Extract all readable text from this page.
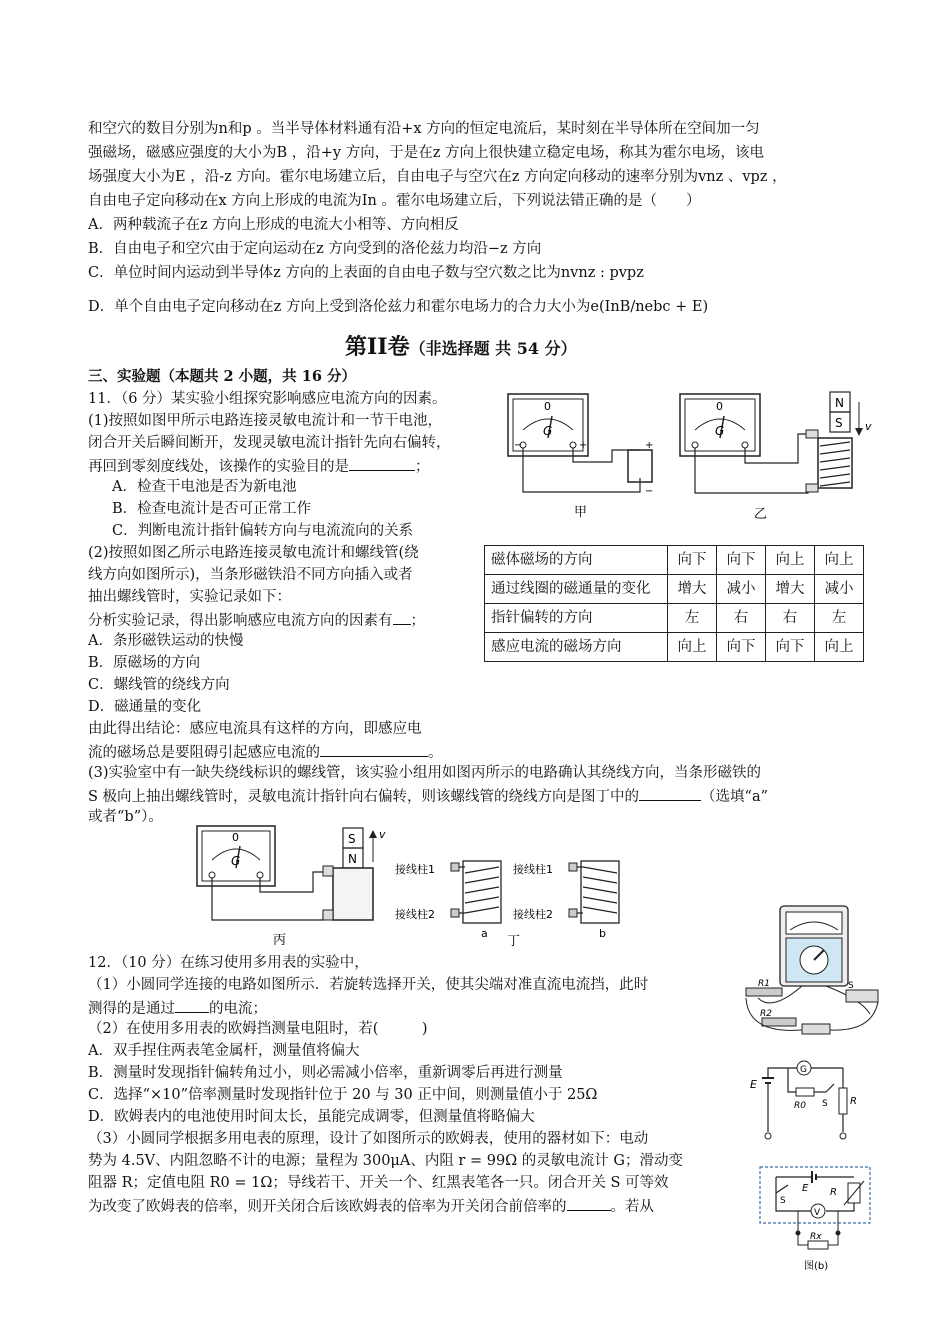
和空穴的数目分别为n和p 。当半导体材料通有沿+x 方向的恒定电流后，某时刻在半导体所在空间加一匀
强磁场，磁感应强度的大小为B ，沿+y 方向，于是在z 方向上很快建立稳定电场，称其为霍尔电场，该电
场强度大小为E ，沿-z 方向。霍尔电场建立后，自由电子与空穴在z 方向定向移动的速率分别为vnz 、vpz ，
自由电子定向移动在x 方向上形成的电流为In 。霍尔电场建立后，下列说法错正确的是（　　）
A．两种载流子在z 方向上形成的电流大小相等、方向相反
B．自由电子和空穴由于定向运动在z 方向受到的洛伦兹力均沿−z 方向
C．单位时间内运动到半导体z 方向的上表面的自由电子数与空穴数之比为nvnz : pvpz
D．单个自由电子定向移动在z 方向上受到洛伦兹力和霍尔电场力的合力大小为e(InB/nebc + E)
第II卷（非选择题 共 54 分）
三、实验题（本题共 2 小题，共 16 分）
11．（6 分）某实验小组探究影响感应电流方向的因素。
(1)按照如图甲所示电路连接灵敏电流计和一节干电池，
闭合开关后瞬间断开，发现灵敏电流计指针先向右偏转，
再回到零刻度线处，该操作的实验目的是	；
A．检查干电池是否为新电池
B．检查电流计是否可正常工作
C．判断电流计指针偏转方向与电流流向的关系
(2)按照如图乙所示电路连接灵敏电流计和螺线管(绕
线方向如图所示)，当条形磁铁沿不同方向插入或者
抽出螺线管时，实验记录如下：
分析实验记录，得出影响感应电流方向的因素有 ；
A．条形磁铁运动的快慢
B．原磁场的方向
C．螺线管的绕线方向
D．磁通量的变化
由此得出结论：感应电流具有这样的方向，即感应电
流的磁场总是要阻碍引起感应电流的	。
(3)实验室中有一缺失绕线标识的螺线管，该实验小组用如图丙所示的电路确认其绕线方向，当条形磁铁的
S 极向上抽出螺线管时，灵敏电流计指针向右偏转，则该螺线管的绕线方向是图丁中的	（选填“a”
或者“b”）。
磁体磁场的方向	向下	向下	向上	向上
通过线圈的磁通量的变化	增大	减小	增大	减小
指针偏转的方向	左	右	右	左
感应电流的磁场方向	向上	向下	向下	向上
0
G
−	+	+
−
甲
0
G
N
S v
乙
0
G
S
N
v
丙
接线柱1
接线柱2
a
接线柱1
接线柱2
b
丁
12．（10 分）在练习使用多用表的实验中，
（1）小圆同学连接的电路如图所示．若旋转选择开关，使其尖端对准直流电流挡，此时
测得的是通过 的电流；
（2）在使用多用表的欧姆挡测量电阻时，若(　　　)
A．双手捏住两表笔金属杆，测量值将偏大
B．测量时发现指针偏转角过小，则必需减小倍率，重新调零后再进行测量
C．选择“×10”倍率测量时发现指针位于 20 与 30 正中间，则测量值小于 25Ω
D．欧姆表内的电池使用时间太长，虽能完成调零，但测量值将略偏大
（3）小圆同学根据多用电表的原理，设计了如图所示的欧姆表，使用的器材如下：电动
势为 4.5V、内阻忽略不计的电源；量程为 300μA、内阻 r = 99Ω 的灵敏电流计 G；滑动变
阻器 R；定值电阻 R0 = 1Ω；导线若干、开关一个、红黑表笔各一只。闭合开关 S 可等效
为改变了欧姆表的倍率，则开关闭合后该欧姆表的倍率为开关闭合前倍率的	。若从
R1
R2
S
G
E
R0 S R
E
S
R
V
Rx
图(b)
